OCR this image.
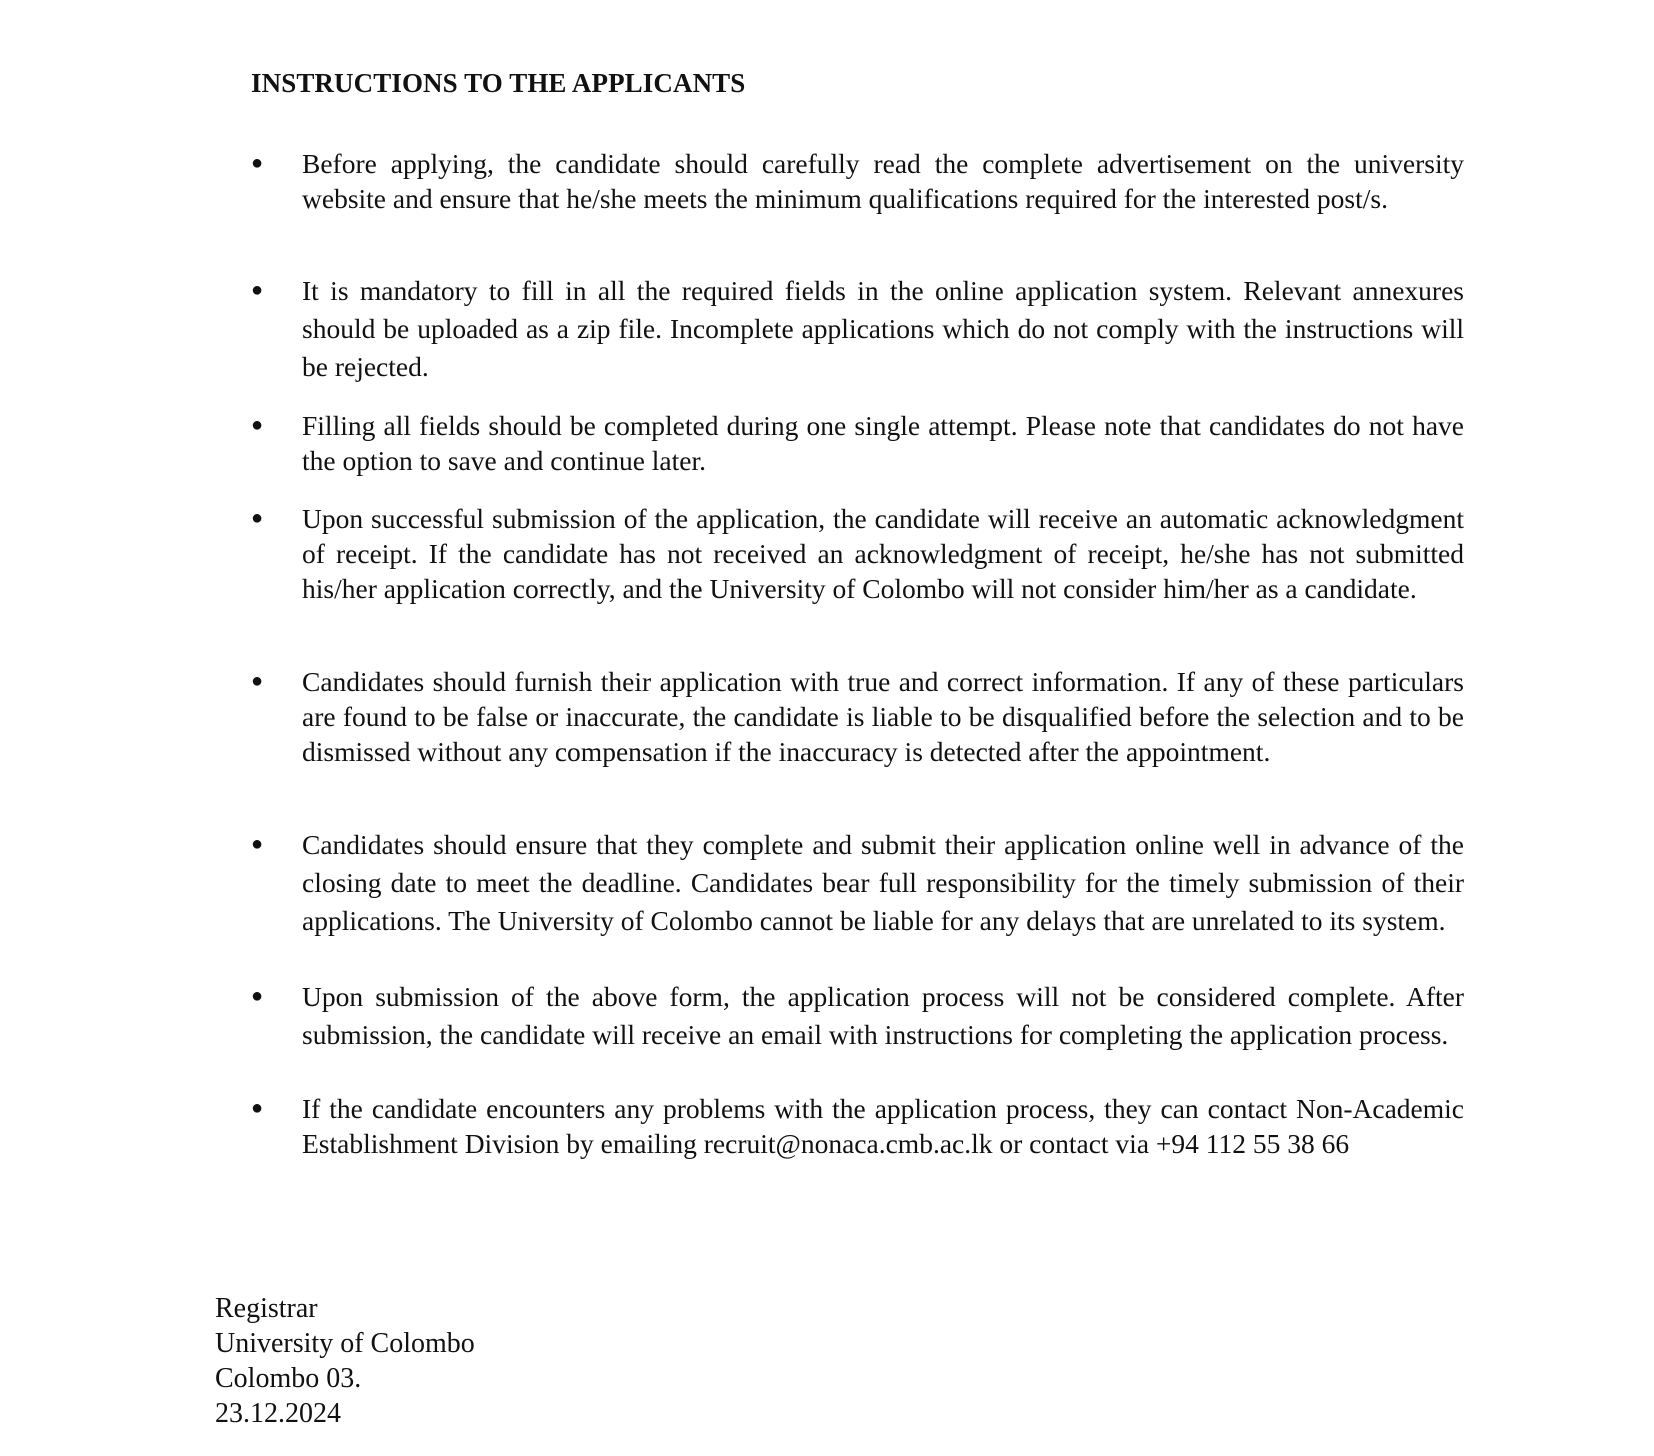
INSTRUCTIONS TO THE APPLICANTS
● Before applying, the candidate should carefully read the complete advertisement on the university website and ensure that he/she meets the minimum qualifications required for the interested post/s.

● It is mandatory to fill in all the required fields in the online application system. Relevant annexures should be uploaded as a zip file. Incomplete applications which do not comply with the instructions will be rejected.

● Filling all fields should be completed during one single attempt. Please note that candidates do not have the option to save and continue later.

● Upon successful submission of the application, the candidate will receive an automatic acknowledgment of receipt. If the candidate has not received an acknowledgment of receipt, he/she has not submitted his/her application correctly, and the University of Colombo will not consider him/her as a candidate.

● Candidates should furnish their application with true and correct information. If any of these particulars are found to be false or inaccurate, the candidate is liable to be disqualified before the selection and to be dismissed without any compensation if the inaccuracy is detected after the appointment.

● Candidates should ensure that they complete and submit their application online well in advance of the closing date to meet the deadline. Candidates bear full responsibility for the timely submission of their applications. The University of Colombo cannot be liable for any delays that are unrelated to its system.

● Upon submission of the above form, the application process will not be considered complete. After submission, the candidate will receive an email with instructions for completing the application process.

● If the candidate encounters any problems with the application process, they can contact Non-Academic Establishment Division by emailing recruit@nonaca.cmb.ac.lk or contact via +94 112 55 38 66

Registrar
University of Colombo
Colombo 03.
23.12.2024
